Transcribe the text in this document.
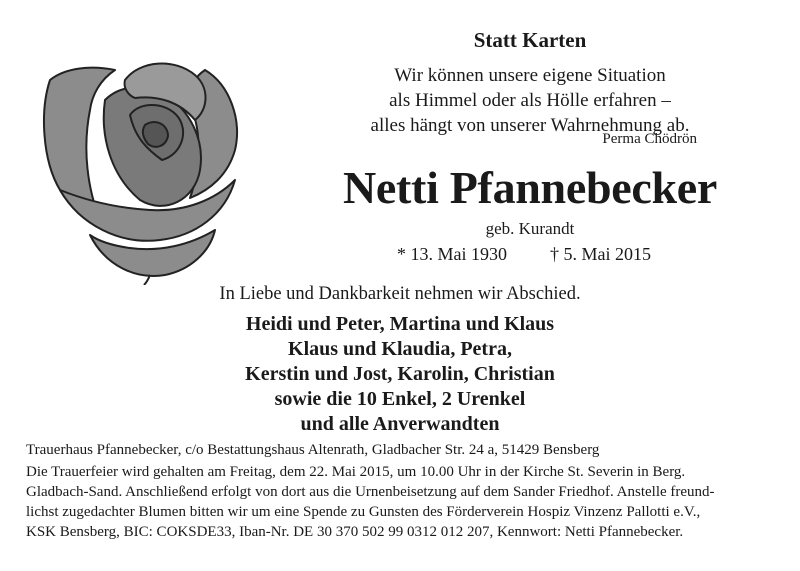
Statt Karten
Wir können unsere eigene Situation
als Himmel oder als Hölle erfahren –
alles hängt von unserer Wahrnehmung ab.
Perma Chödrön
Netti Pfannebecker
geb. Kurandt
* 13. Mai 1930 † 5. Mai 2015
In Liebe und Dankbarkeit nehmen wir Abschied.
Heidi und Peter, Martina und Klaus
Klaus und Klaudia, Petra,
Kerstin und Jost, Karolin, Christian
sowie die 10 Enkel, 2 Urenkel
und alle Anverwandten
Trauerhaus Pfannebecker, c/o Bestattungshaus Altenrath, Gladbacher Str. 24 a, 51429 Bensberg
Die Trauerfeier wird gehalten am Freitag, dem 22. Mai 2015, um 10.00 Uhr in der Kirche St. Severin in Berg.
Gladbach-Sand. Anschließend erfolgt von dort aus die Urnenbeisetzung auf dem Sander Friedhof. Anstelle freund-
lichst zugedachter Blumen bitten wir um eine Spende zu Gunsten des Förderverein Hospiz Vinzenz Pallotti e.V.,
KSK Bensberg, BIC: COKSDE33, Iban-Nr. DE 30 370 502 99 0312 012 207, Kennwort: Netti Pfannebecker.
